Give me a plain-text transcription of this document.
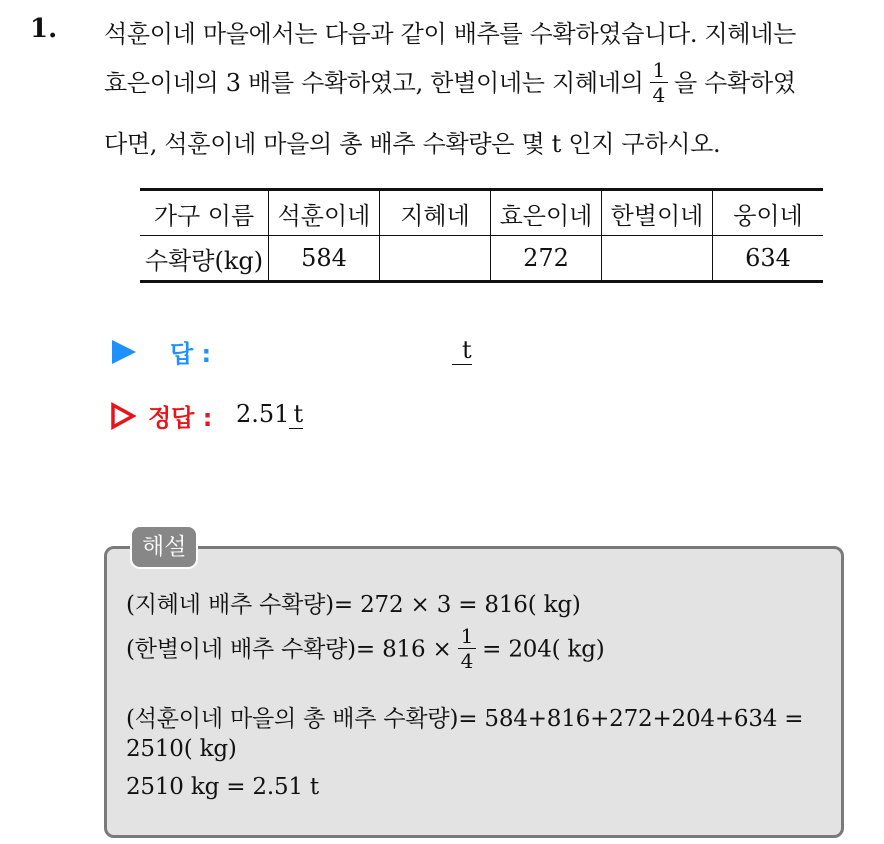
1. 석훈이네 마을에서는 다음과 같이 배추를 수확하였습니다. 지혜네는
효은이네의 3 배를 수확하였고, 한별이네는 지혜네의 $\frac{1}{4}$ 을 수확하였
다면, 석훈이네 마을의 총 배추 수확량은 몇 t 인지 구하시오.
가구 이름	석훈이네	지혜네	효은이네	한별이네	웅이네
수확량(kg)	584		272		634
답 :	t
정답 : 2.51 t
해설
(지혜네 배추 수확량)= 272 × 3 = 816( kg)
(한별이네 배추 수확량)= $816 \times \frac{1}{4} = 204$( kg)
(석훈이네 마을의 총 배추 수확량)= 584+816+272+204+634 =
2510( kg)
2510 kg = 2.51 t
